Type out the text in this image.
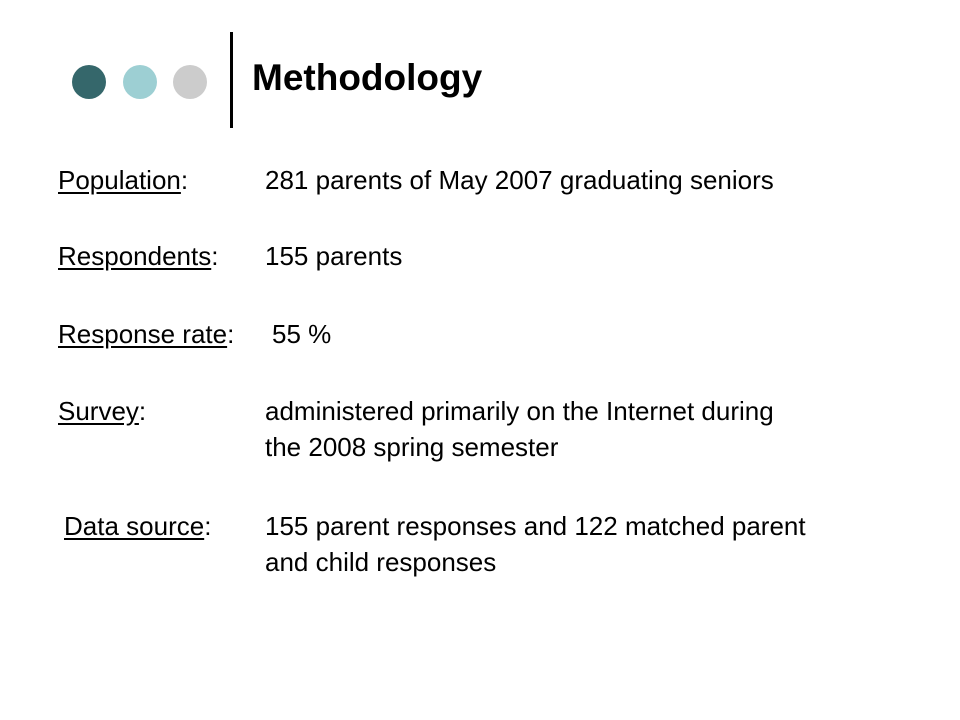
Methodology
Population:	281 parents of May 2007 graduating seniors
Respondents: 155 parents
Response rate: 55 %
Survey:	administered primarily on the Internet during
the 2008 spring semester
Data source: 155 parent responses and 122 matched parent
and child responses
